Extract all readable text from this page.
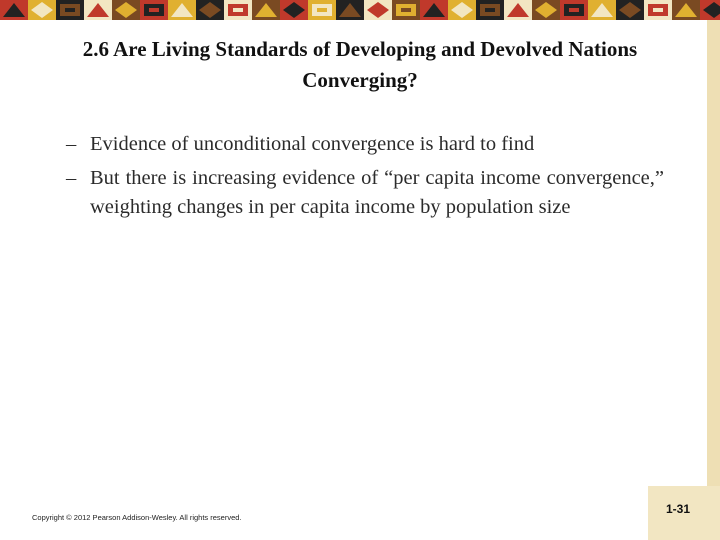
2.6 Are Living Standards of Developing and Devolved Nations Converging?
– Evidence of unconditional convergence is hard to find
– But there is increasing evidence of “per capita income convergence,” weighting changes in per capita income by population size
Copyright © 2012 Pearson Addison-Wesley. All rights reserved.
1-31
